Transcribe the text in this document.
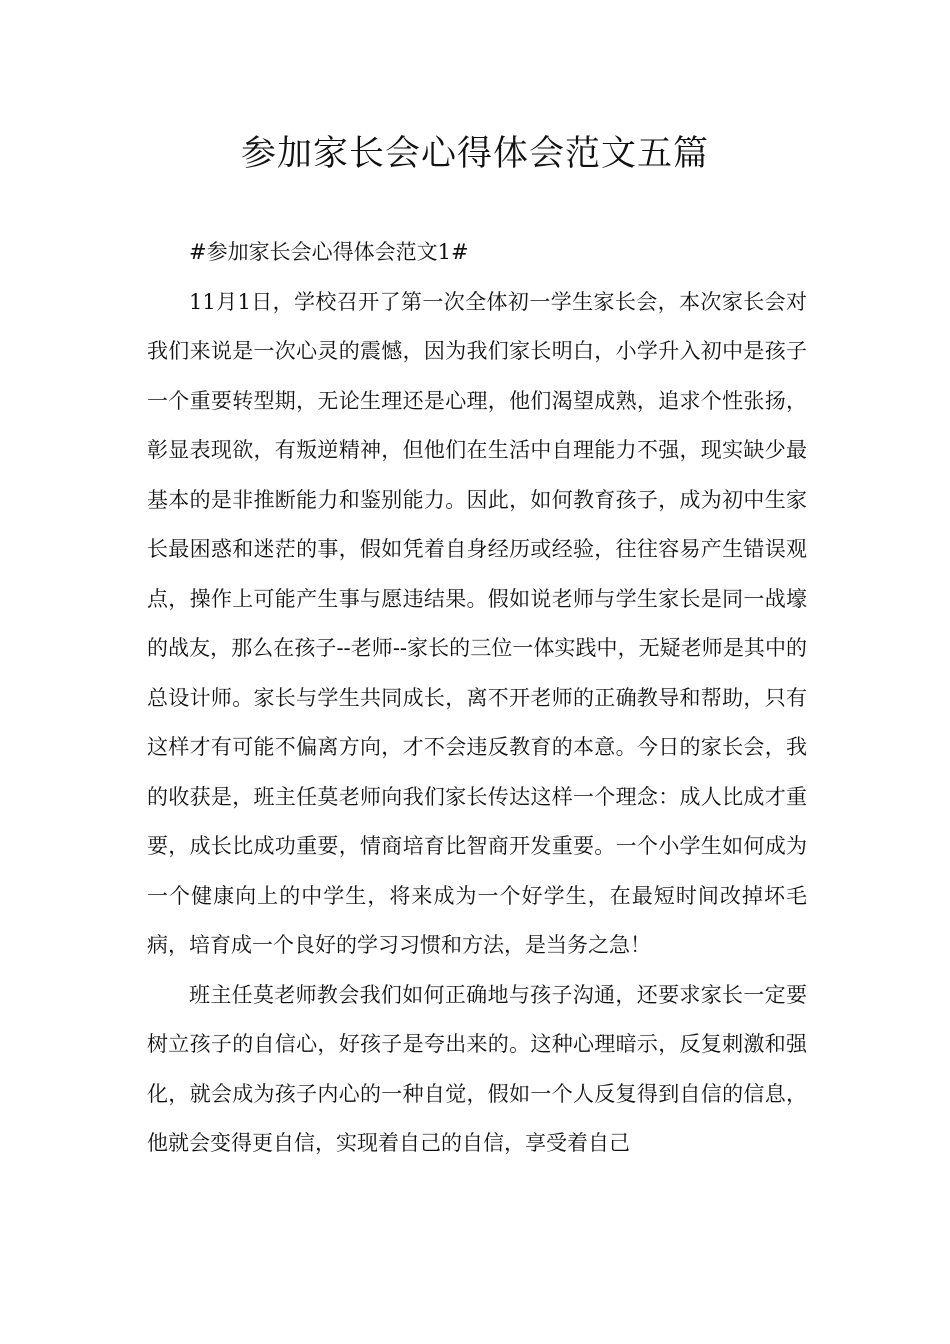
参加家长会心得体会范文五篇

#参加家长会心得体会范文1#

11月1日，学校召开了第一次全体初一学生家长会，本次家长会对我们来说是一次心灵的震憾，因为我们家长明白，小学升入初中是孩子一个重要转型期，无论生理还是心理，他们渴望成熟，追求个性张扬，彰显表现欲，有叛逆精神，但他们在生活中自理能力不强，现实缺少最基本的是非推断能力和鉴别能力。因此，如何教育孩子，成为初中生家长最困惑和迷茫的事，假如凭着自身经历或经验，往往容易产生错误观点，操作上可能产生事与愿违结果。假如说老师与学生家长是同一战壕的战友，那么在孩子--老师--家长的三位一体实践中，无疑老师是其中的总设计师。家长与学生共同成长，离不开老师的正确教导和帮助，只有这样才有可能不偏离方向，才不会违反教育的本意。今日的家长会，我的收获是，班主任莫老师向我们家长传达这样一个理念：成人比成才重要，成长比成功重要，情商培育比智商开发重要。一个小学生如何成为一个健康向上的中学生，将来成为一个好学生，在最短时间改掉坏毛病，培育成一个良好的学习习惯和方法，是当务之急！

班主任莫老师教会我们如何正确地与孩子沟通，还要求家长一定要树立孩子的自信心，好孩子是夸出来的。这种心理暗示，反复刺激和强化，就会成为孩子内心的一种自觉，假如一个人反复得到自信的信息，他就会变得更自信，实现着自己的自信，享受着自己
